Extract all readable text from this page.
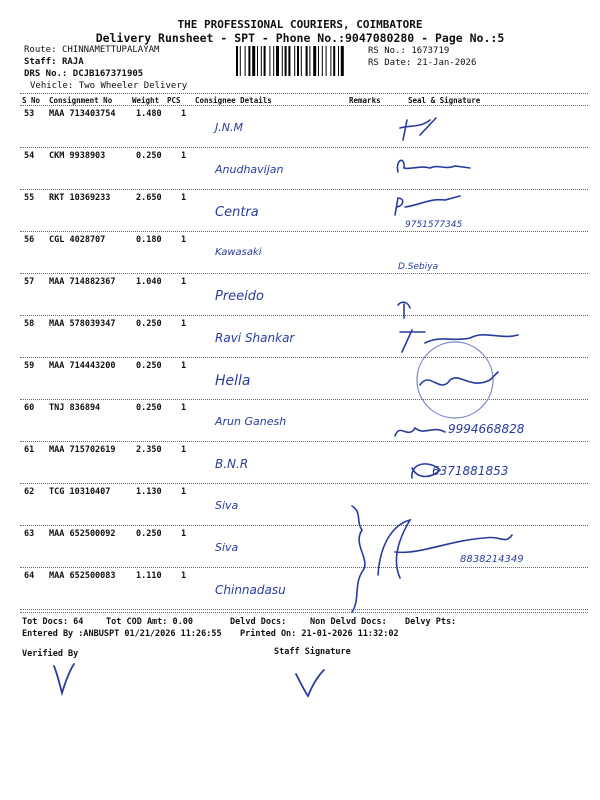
THE PROFESSIONAL COURIERS, COIMBATORE
Delivery Runsheet - SPT - Phone No.:9047080280 - Page No.:5
Route: CHINNAMETTUPALAYAM
Staff: RAJA
DRS No.: DCJB167371905
Vehicle: Two Wheeler Delivery
RS No.: 1673719
RS Date: 21-Jan-2026
S No Consignment No	Weight PCS Consignee Details	Remarks	Seal & Signature
53 MAA 713403754 1.480 1
J.N.M
54 CKM 9938903	0.250 1
Anudhavijan
55 RKT 10369233	2.650 1
Centra
9751577345
56 CGL 4028707	0.180 1
Kawasaki
D.Sebiya
57 MAA 714882367 1.040 1
Preeido
58 MAA 578039347 0.250 1
Ravi Shankar
59 MAA 714443200 0.250 1
Hella
60 TNJ 836894	0.250 1
Arun Ganesh
9994668828
61 MAA 715702619 2.350 1
B.N.R	6371881853
62 TCG 10310407	1.130 1
Siva
63 MAA 652500092 0.250 1
Siva
8838214349
64 MAA 652500083 1.110 1
Chinnadasu
Tot Docs: 64	Tot COD Amt: 0.00	Delvd Docs:	Non Delvd Docs: Delvy Pts:
Entered By :ANBUSPT 01/21/2026 11:26:55 Printed On: 21-01-2026 11:32:02
Verified By	Staff Signature
